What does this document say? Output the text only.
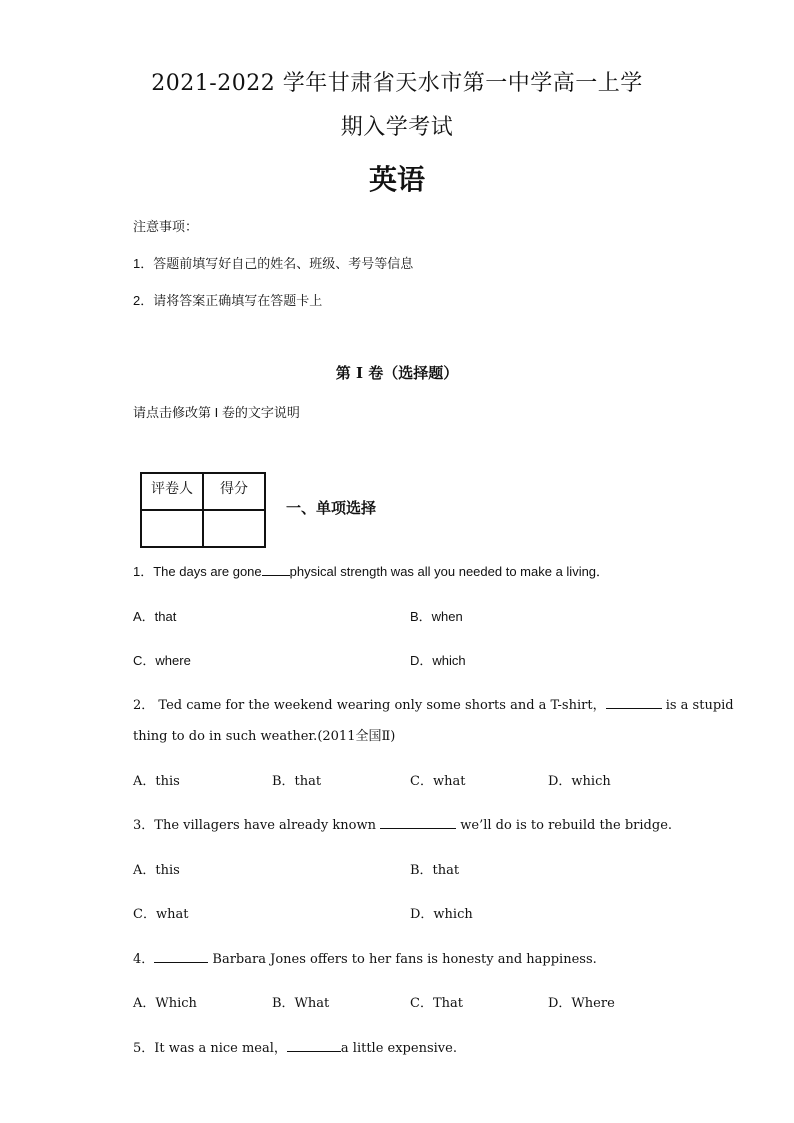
2021-2022 学年甘肃省天水市第一中学高一上学
期入学考试
英语
注意事项：
1．答题前填写好自己的姓名、班级、考号等信息
2．请将答案正确填写在答题卡上
第 I 卷（选择题）
请点击修改第 I 卷的文字说明
评卷人	得分

一、单项选择
1．The days are gone physical strength was all you needed to make a living．
A．that	B．when
C．where	D．which
2． Ted came for the weekend wearing only some shorts and a T-shirt，	is a stupid
thing to do in such weather.(2011全国Ⅱ)
A．this	B．that	C．what	D．which
3．The villagers have already known	we’ll do is to rebuild the bridge.
A．this	B．that
C．what	D．which
4．	Barbara Jones offers to her fans is honesty and happiness.
A．Which	B．What	C．That	D．Where
5．It was a nice meal，	a little expensive.
